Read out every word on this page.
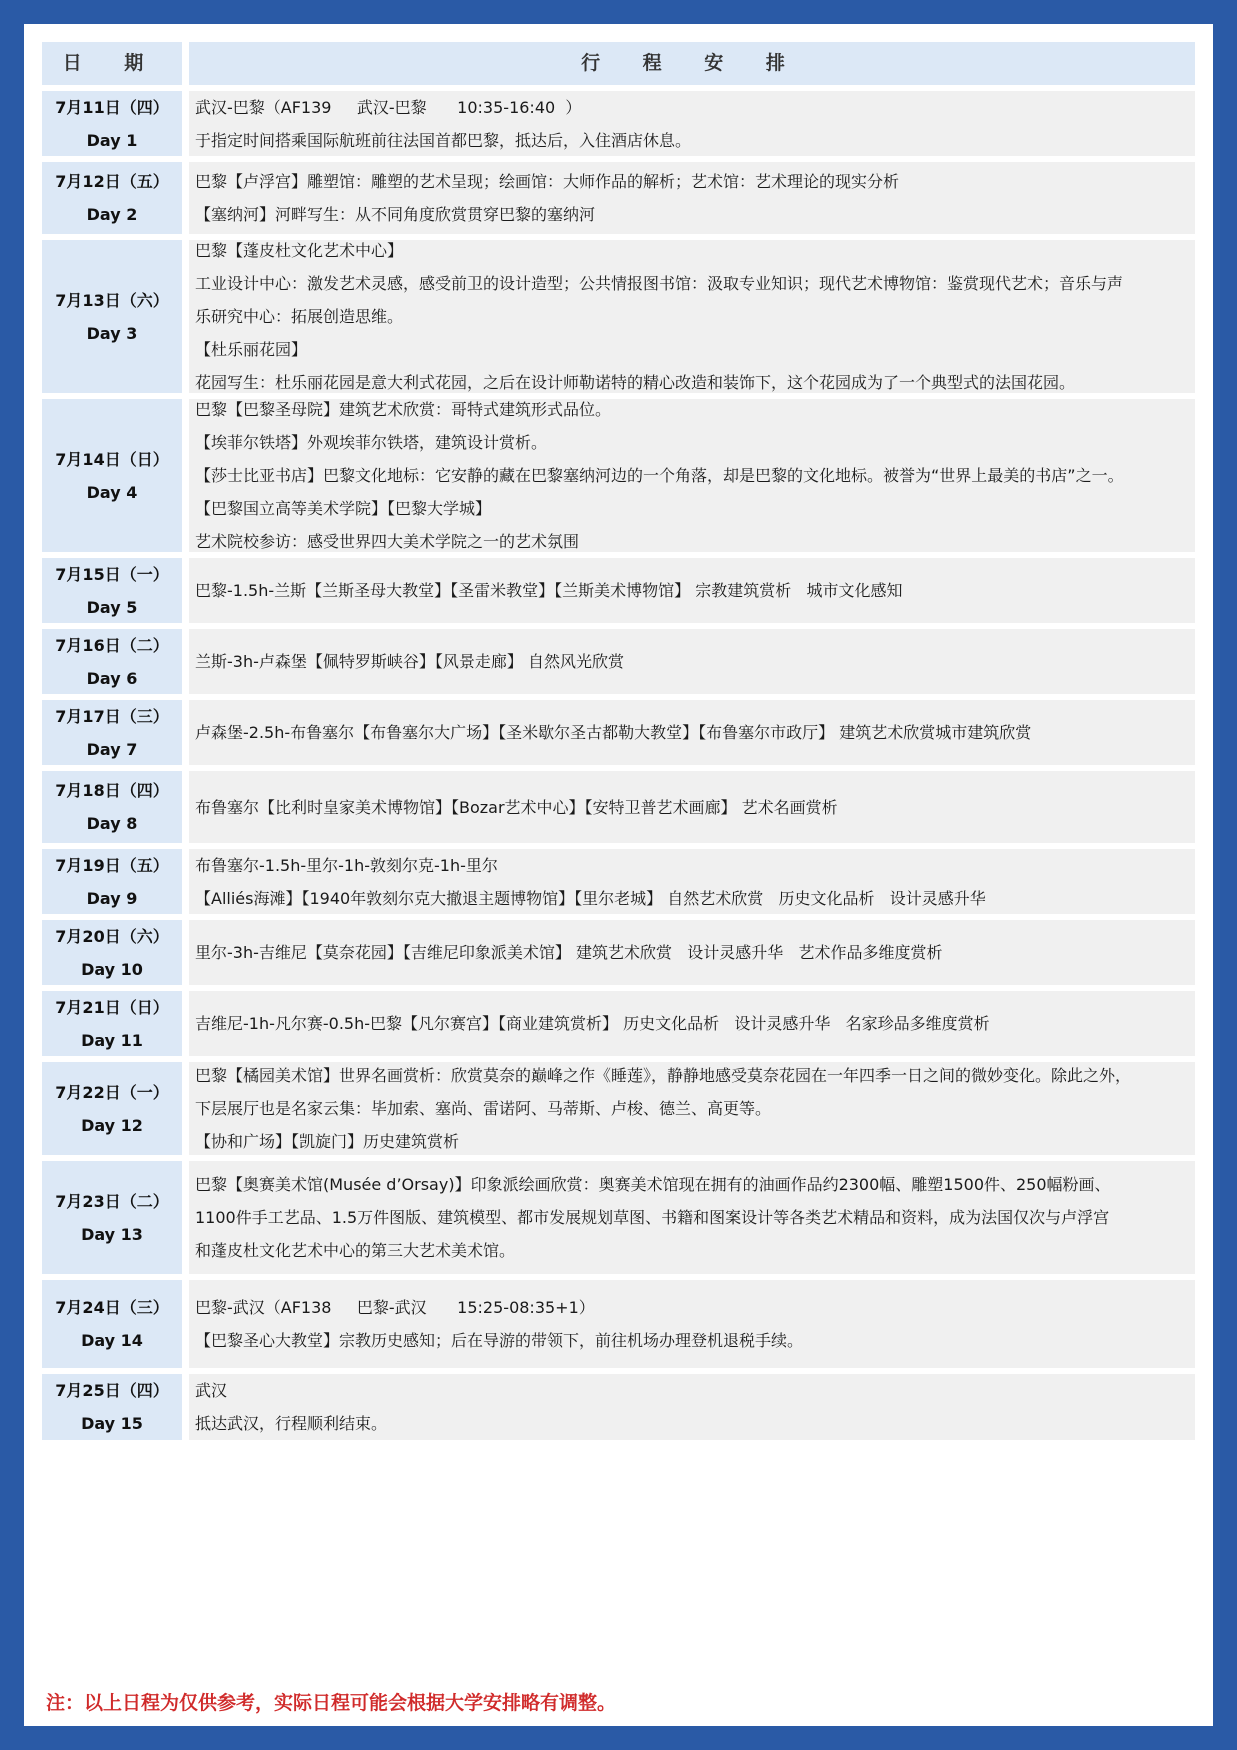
日 期	行 程 安 排
7月11日（四）
Day 1
武汉-巴黎（AF139     武汉-巴黎      10:35-16:40  ）
于指定时间搭乘国际航班前往法国首都巴黎，抵达后，入住酒店休息。
7月12日（五）
Day 2
巴黎【卢浮宫】雕塑馆：雕塑的艺术呈现；绘画馆：大师作品的解析；艺术馆：艺术理论的现实分析
【塞纳河】河畔写生：从不同角度欣赏贯穿巴黎的塞纳河
7月13日（六）
Day 3
巴黎【蓬皮杜文化艺术中心】
工业设计中心：激发艺术灵感，感受前卫的设计造型；公共情报图书馆：汲取专业知识；现代艺术博物馆：鉴赏现代艺术；音乐与声
乐研究中心：拓展创造思维。
【杜乐丽花园】
花园写生：杜乐丽花园是意大利式花园，之后在设计师勒诺特的精心改造和装饰下，这个花园成为了一个典型式的法国花园。
7月14日（日）
Day 4
巴黎【巴黎圣母院】建筑艺术欣赏：哥特式建筑形式品位。
【埃菲尔铁塔】外观埃菲尔铁塔，建筑设计赏析。
【莎士比亚书店】巴黎文化地标：它安静的藏在巴黎塞纳河边的一个角落，却是巴黎的文化地标。被誉为“世界上最美的书店”之一。
【巴黎国立高等美术学院】【巴黎大学城】
艺术院校参访：感受世界四大美术学院之一的艺术氛围
7月15日（一）
Day 5
巴黎-1.5h-兰斯【兰斯圣母大教堂】【圣雷米教堂】【兰斯美术博物馆】 宗教建筑赏析   城市文化感知
7月16日（二）
Day 6
兰斯-3h-卢森堡【佩特罗斯峡谷】【风景走廊】 自然风光欣赏
7月17日（三）
Day 7
卢森堡-2.5h-布鲁塞尔【布鲁塞尔大广场】【圣米歇尔圣古都勒大教堂】【布鲁塞尔市政厅】 建筑艺术欣赏城市建筑欣赏
7月18日（四）
Day 8
布鲁塞尔【比利时皇家美术博物馆】【Bozar艺术中心】【安特卫普艺术画廊】 艺术名画赏析
7月19日（五）
Day 9
布鲁塞尔-1.5h-里尔-1h-敦刻尔克-1h-里尔
【Alliés海滩】【1940年敦刻尔克大撤退主题博物馆】【里尔老城】 自然艺术欣赏   历史文化品析   设计灵感升华
7月20日（六）
Day 10
里尔-3h-吉维尼【莫奈花园】【吉维尼印象派美术馆】 建筑艺术欣赏   设计灵感升华   艺术作品多维度赏析
7月21日（日）
Day 11
吉维尼-1h-凡尔赛-0.5h-巴黎【凡尔赛宫】【商业建筑赏析】 历史文化品析   设计灵感升华   名家珍品多维度赏析
7月22日（一）
Day 12
巴黎【橘园美术馆】世界名画赏析：欣赏莫奈的巅峰之作《睡莲》，静静地感受莫奈花园在一年四季一日之间的微妙变化。除此之外，
下层展厅也是名家云集：毕加索、塞尚、雷诺阿、马蒂斯、卢梭、德兰、高更等。
【协和广场】【凯旋门】历史建筑赏析
7月23日（二）
Day 13
巴黎【奥赛美术馆(Musée d’Orsay)】印象派绘画欣赏：奥赛美术馆现在拥有的油画作品约2300幅、雕塑1500件、250幅粉画、
1100件手工艺品、1.5万件图版、建筑模型、都市发展规划草图、书籍和图案设计等各类艺术精品和资料，成为法国仅次与卢浮宫
和蓬皮杜文化艺术中心的第三大艺术美术馆。
7月24日（三）
Day 14
巴黎-武汉（AF138     巴黎-武汉      15:25-08:35+1）
【巴黎圣心大教堂】宗教历史感知；后在导游的带领下，前往机场办理登机退税手续。
7月25日（四）
Day 15
武汉
抵达武汉，行程顺利结束。
注：以上日程为仅供参考，实际日程可能会根据大学安排略有调整。
